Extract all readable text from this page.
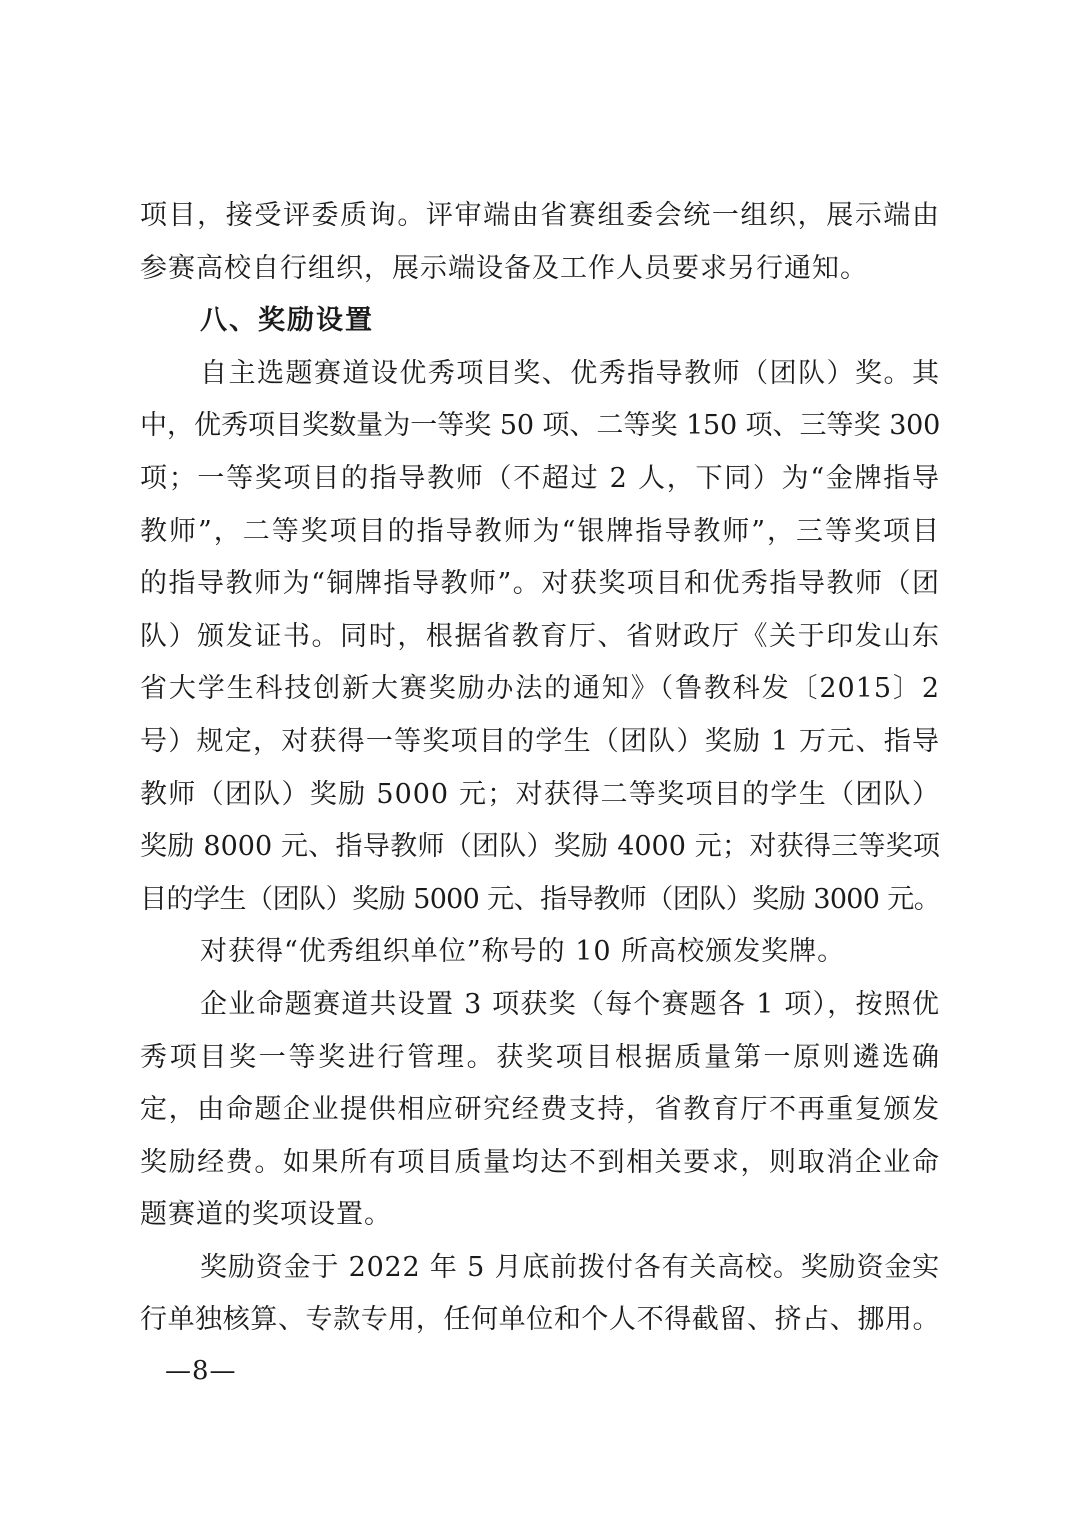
项目，接受评委质询。评审端由省赛组委会统一组织，展示端由
参赛高校自行组织，展示端设备及工作人员要求另行通知。
八、奖励设置
自主选题赛道设优秀项目奖、优秀指导教师（团队）奖。其
中，优秀项目奖数量为一等奖 50 项、二等奖 150 项、三等奖 300
项；一等奖项目的指导教师（不超过 2 人，下同）为“金牌指导
教师”，二等奖项目的指导教师为“银牌指导教师”，三等奖项目
的指导教师为“铜牌指导教师”。对获奖项目和优秀指导教师（团
队）颁发证书。同时，根据省教育厅、省财政厅《关于印发山东
省大学生科技创新大赛奖励办法的通知》（鲁教科发〔2015〕2
号）规定，对获得一等奖项目的学生（团队）奖励 1 万元、指导
教师（团队）奖励 5000 元；对获得二等奖项目的学生（团队）
奖励 8000 元、指导教师（团队）奖励 4000 元；对获得三等奖项
目的学生（团队）奖励 5000 元、指导教师（团队）奖励 3000 元。
对获得“优秀组织单位”称号的 10 所高校颁发奖牌。
企业命题赛道共设置 3 项获奖（每个赛题各 1 项），按照优
秀项目奖一等奖进行管理。获奖项目根据质量第一原则遴选确
定，由命题企业提供相应研究经费支持，省教育厅不再重复颁发
奖励经费。如果所有项目质量均达不到相关要求，则取消企业命
题赛道的奖项设置。
奖励资金于 2022 年 5 月底前拨付各有关高校。奖励资金实
行单独核算、专款专用，任何单位和个人不得截留、挤占、挪用。
—8—
